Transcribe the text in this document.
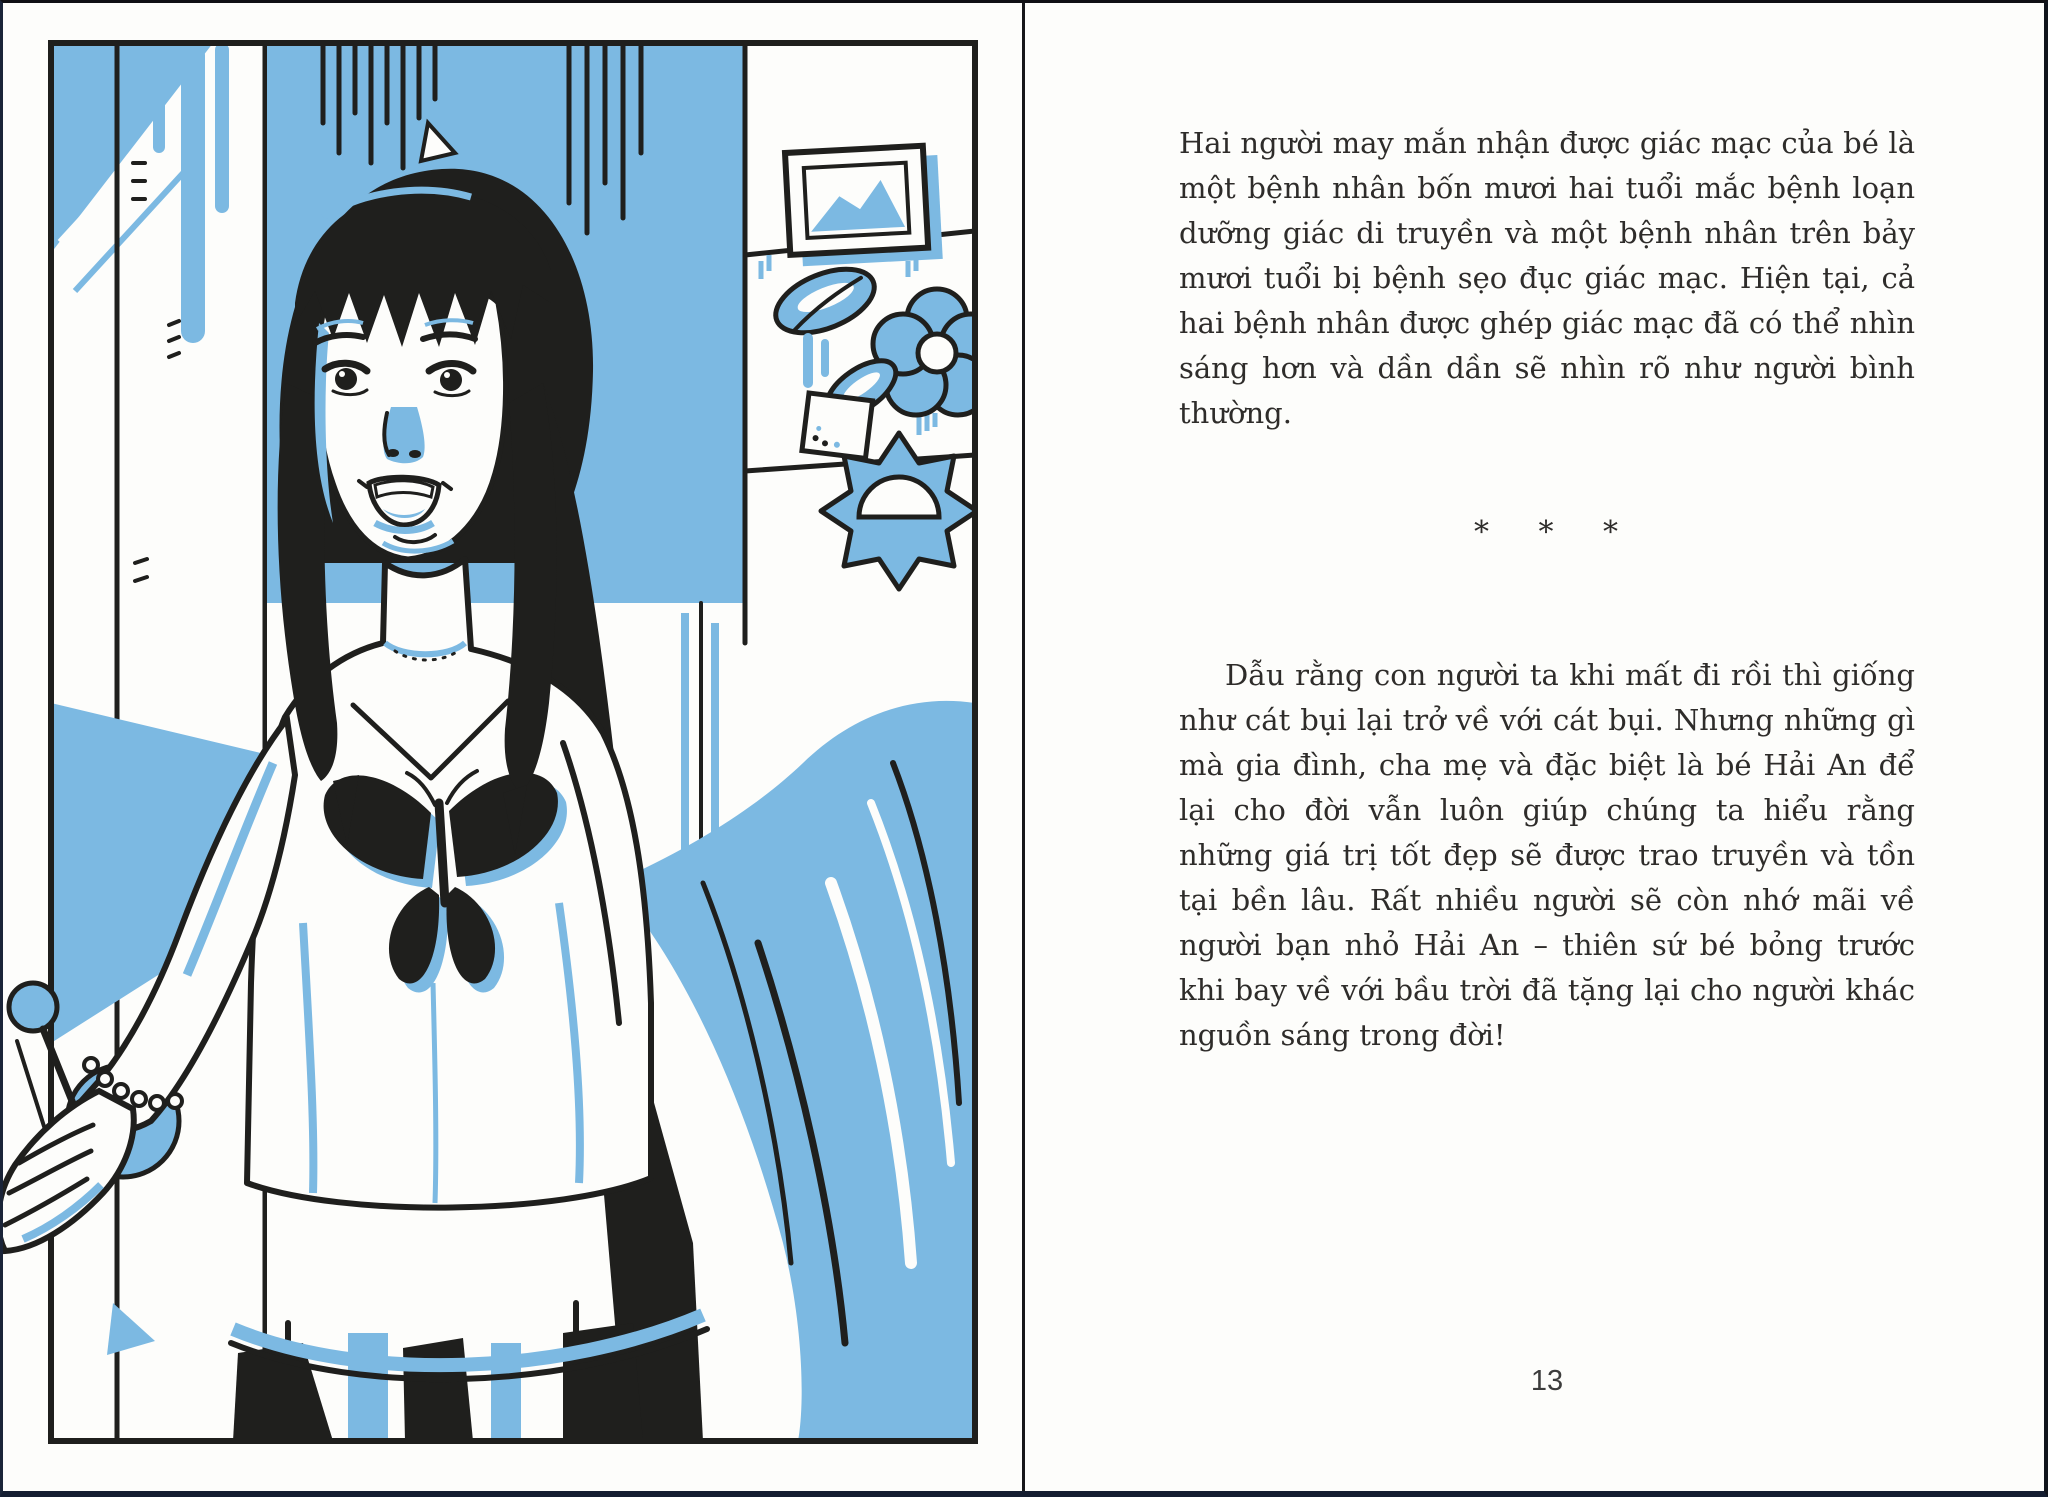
Hai người may mắn nhận được giác mạc của bé là một bệnh nhân bốn mươi hai tuổi mắc bệnh loạn dưỡng giác di truyền và một bệnh nhân trên bảy mươi tuổi bị bệnh sẹo đục giác mạc. Hiện tại, cả hai bệnh nhân được ghép giác mạc đã có thể nhìn sáng hơn và dần dần sẽ nhìn rõ như người bình thường.

* * *

Dẫu rằng con người ta khi mất đi rồi thì giống như cát bụi lại trở về với cát bụi. Nhưng những gì mà gia đình, cha mẹ và đặc biệt là bé Hải An để lại cho đời vẫn luôn giúp chúng ta hiểu rằng những giá trị tốt đẹp sẽ được trao truyền và tồn tại bền lâu. Rất nhiều người sẽ còn nhớ mãi về người bạn nhỏ Hải An – thiên sứ bé bỏng trước khi bay về với bầu trời đã tặng lại cho người khác nguồn sáng trong đời!

13
